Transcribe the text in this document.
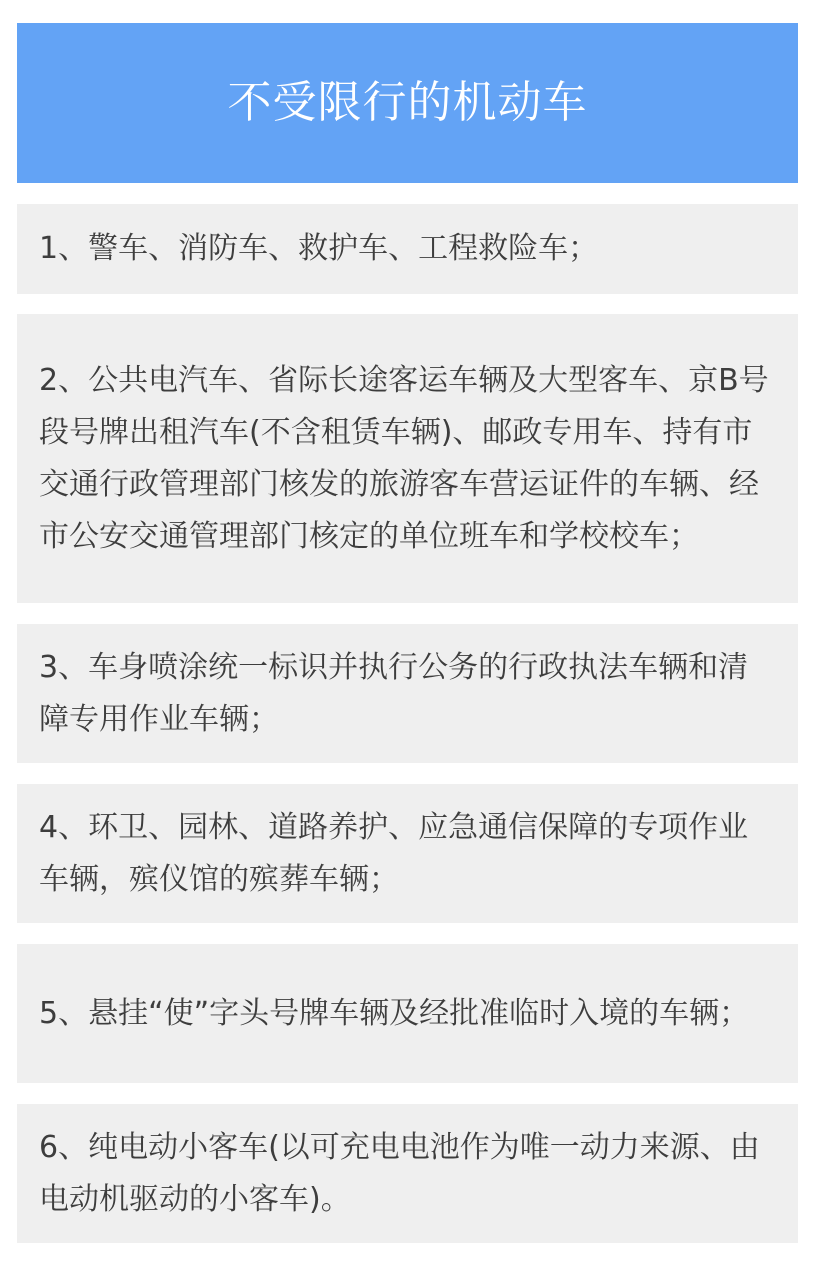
不受限行的机动车
1、警车、消防车、救护车、工程救险车；
2、公共电汽车、省际长途客运车辆及大型客车、京B号段号牌出租汽车(不含租赁车辆)、邮政专用车、持有市交通行政管理部门核发的旅游客车营运证件的车辆、经市公安交通管理部门核定的单位班车和学校校车；
3、车身喷涂统一标识并执行公务的行政执法车辆和清障专用作业车辆；
4、环卫、园林、道路养护、应急通信保障的专项作业车辆，殡仪馆的殡葬车辆；
5、悬挂“使”字头号牌车辆及经批准临时入境的车辆；
6、纯电动小客车(以可充电电池作为唯一动力来源、由电动机驱动的小客车)。
